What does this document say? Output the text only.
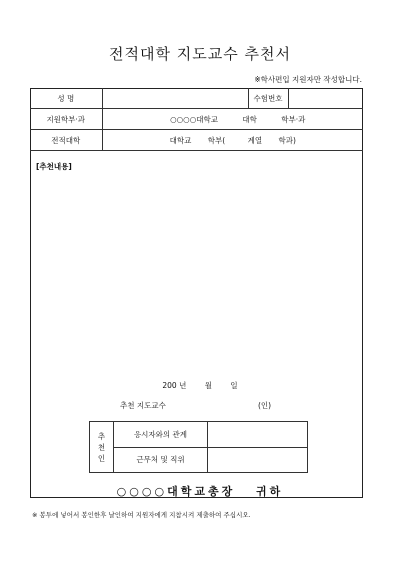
전적대학 지도교수 추천서
※학사편입 지원자만 작성합니다.
성 명		수험번호	
지원학부·과	○○○○대학교 대학 학부·과		
전적대학	대학교 학부( 계열 학과)		
[추천내용]
200 년 월 일
추천 지도교수	(인)
추
천
인	응시자와의 관계	
	근무처 및 직위	
○○○○대학교총장 귀하
※ 봉투에 넣어서 봉인한후 날인하여 지원자에게 지참시켜 제출하여 주십시오.
